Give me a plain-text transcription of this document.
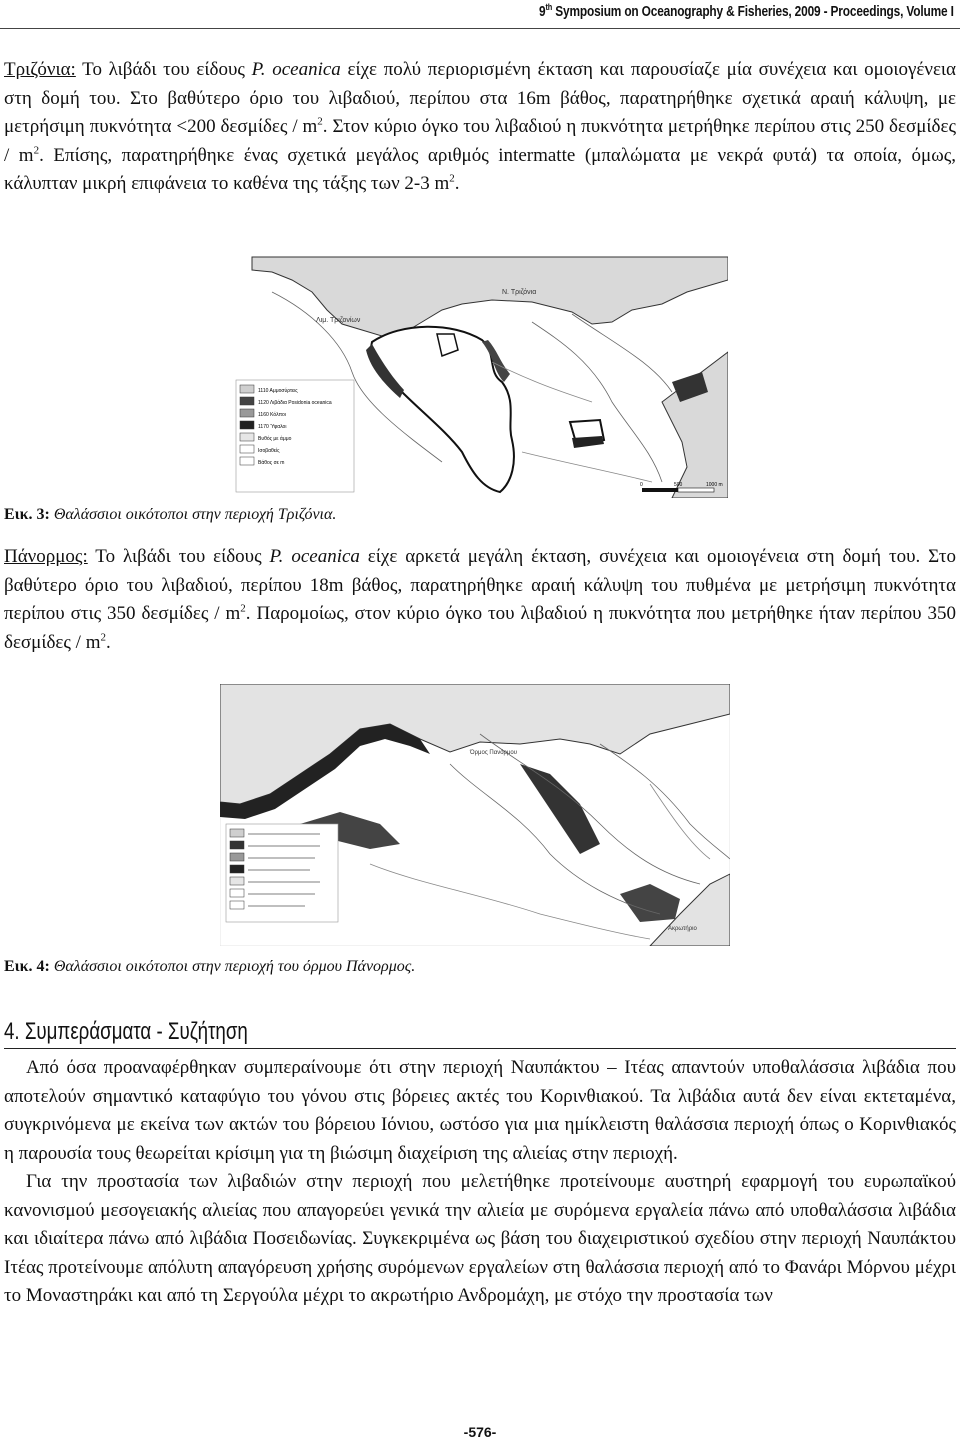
9th Symposium on Oceanography & Fisheries, 2009 - Proceedings, Volume I

Τριζόνια: Το λιβάδι του είδους P. oceanica είχε πολύ περιορισμένη έκταση και παρουσίαζε μία συνέχεια και ομοιογένεια στη δομή του. Στο βαθύτερο όριο του λιβαδιού, περίπου στα 16m βάθος, παρατηρήθηκε σχετικά αραιή κάλυψη, με μετρήσιμη πυκνότητα <200 δεσμίδες / $m^2$. Στον κύριο όγκο του λιβαδιού η πυκνότητα μετρήθηκε περίπου στις 250 δεσμίδες / $m^2$. Επίσης, παρατηρήθηκε ένας σχετικά μεγάλος αριθμός intermatte (μπαλώματα με νεκρά φυτά) τα οποία, όμως, κάλυπταν μικρή επιφάνεια το καθένα της τάξης των 2-3 $m^2$.

Λιμ. Τριζονίων
Ν. Τριζόνια
1110 Αμμοσύρτεις
1120 Λιβάδια Posidonia oceanica
1160 Κόλποι
1170 Ύφαλοι
Βυθός με άμμο
Ισοβαθείς
Βάθος σε m
0	500	1000 m
Εικ. 3: Θαλάσσιοι οικότοποι στην περιοχή Τριζόνια.

Πάνορμος: Το λιβάδι του είδους P. oceanica είχε αρκετά μεγάλη έκταση, συνέχεια και ομοιογένεια στη δομή του. Στο βαθύτερο όριο του λιβαδιού, περίπου 18m βάθος, παρατηρήθηκε αραιή κάλυψη του πυθμένα με μετρήσιμη πυκνότητα περίπου στις 350 δεσμίδες / $m^2$. Παρομοίως, στον κύριο όγκο του λιβαδιού η πυκνότητα που μετρήθηκε ήταν περίπου 350 δεσμίδες / $m^2$.

Όρμος Πανόρμου
Ακρωτήριο
Εικ. 4: Θαλάσσιοι οικότοποι στην περιοχή του όρμου Πάνορμος.
4. Συμπεράσματα - Συζήτηση

Από όσα προαναφέρθηκαν συμπεραίνουμε ότι στην περιοχή Ναυπάκτου – Ιτέας απαντούν υποθαλάσσια λιβάδια που αποτελούν σημαντικό καταφύγιο του γόνου στις βόρειες ακτές του Κορινθιακού. Τα λιβάδια αυτά δεν είναι εκτεταμένα, συγκρινόμενα με εκείνα των ακτών του βόρειου Ιόνιου, ωστόσο για μια ημίκλειστη θαλάσσια περιοχή όπως ο Κορινθιακός η παρουσία τους θεωρείται κρίσιμη για τη βιώσιμη διαχείριση της αλιείας στην περιοχή.

Για την προστασία των λιβαδιών στην περιοχή που μελετήθηκε προτείνουμε αυστηρή εφαρμογή του ευρωπαϊκού κανονισμού μεσογειακής αλιείας που απαγορεύει γενικά την αλιεία με συρόμενα εργαλεία πάνω από υποθαλάσσια λιβάδια και ιδιαίτερα πάνω από λιβάδια Ποσειδωνίας. Συγκεκριμένα ως βάση του διαχειριστικού σχεδίου στην περιοχή Ναυπάκτου Ιτέας προτείνουμε απόλυτη απαγόρευση χρήσης συρόμενων εργαλείων στη θαλάσσια περιοχή από το Φανάρι Μόρνου μέχρι το Μοναστηράκι και από τη Σεργούλα μέχρι το ακρωτήριο Ανδρομάχη, με στόχο την προστασία των

-576-
